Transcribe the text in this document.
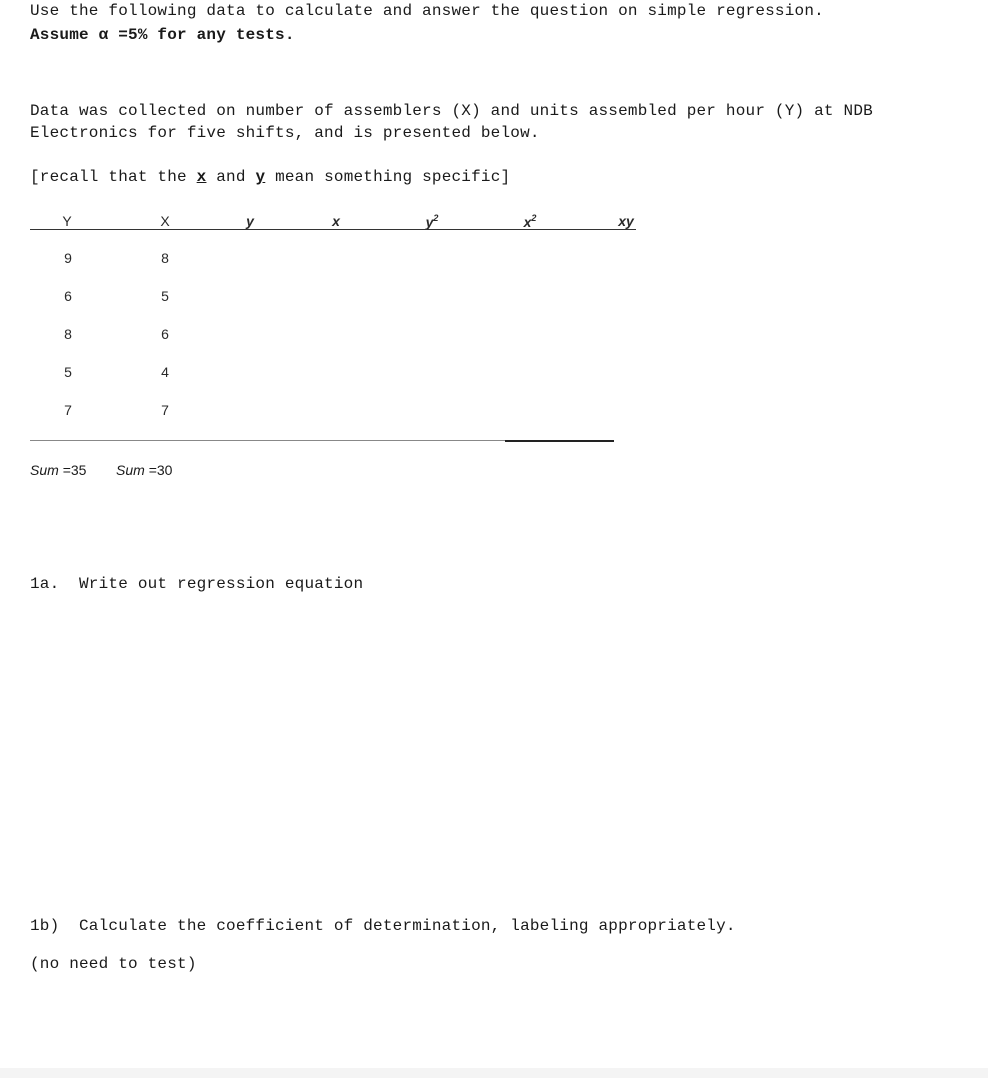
Use the following data to calculate and answer the question on simple regression.
Assume α =5% for any tests.
Data was collected on number of assemblers (X) and units assembled per hour (Y) at NDB
Electronics for five shifts, and is presented below.
[recall that the x and y mean something specific]
Y	X	y	x	$y^2$	$x^2$	xy
9	8
6	5
8	6
5	4
7	7
Sum =35 Sum =30
1a.  Write out regression equation
1b)  Calculate the coefficient of determination, labeling appropriately.
(no need to test)
